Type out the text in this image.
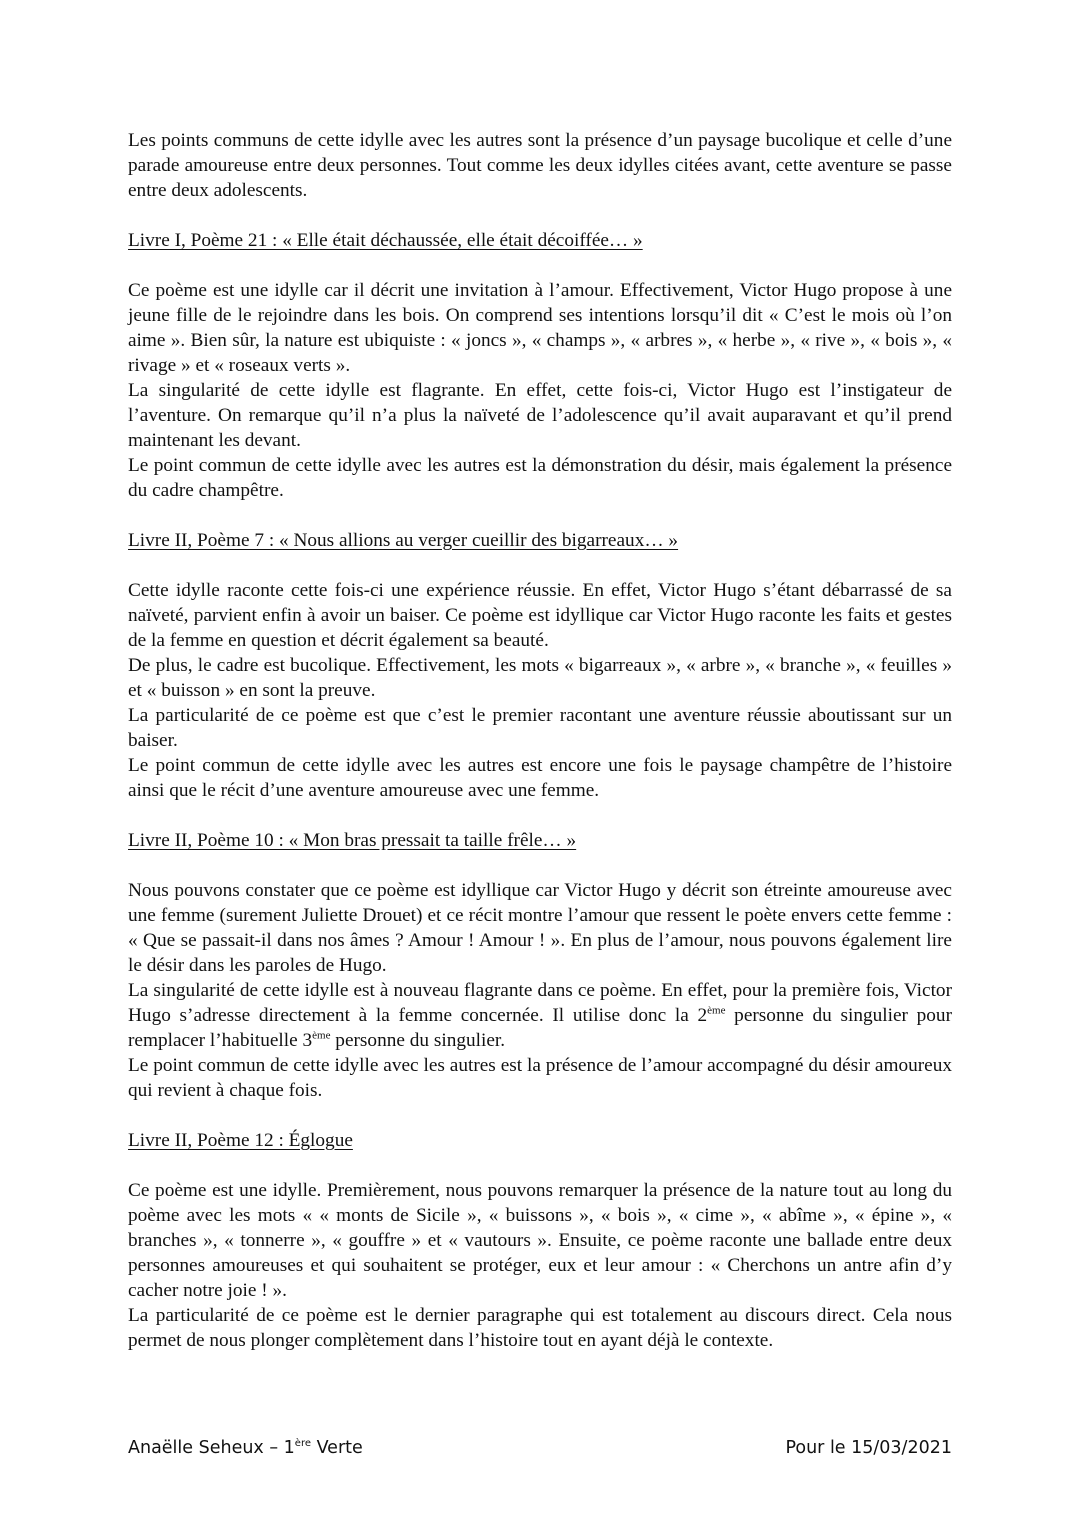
Les points communs de cette idylle avec les autres sont la présence d’un paysage bucolique et celle d’une parade amoureuse entre deux personnes. Tout comme les deux idylles citées avant, cette aventure se passe entre deux adolescents.

Livre I, Poème 21 : « Elle était déchaussée, elle était décoiffée… »

Ce poème est une idylle car il décrit une invitation à l’amour. Effectivement, Victor Hugo propose à une jeune fille de le rejoindre dans les bois. On comprend ses intentions lorsqu’il dit « C’est le mois où l’on aime ». Bien sûr, la nature est ubiquiste : « joncs », « champs », « arbres », « herbe », « rive », « bois », « rivage » et « roseaux verts ».

La singularité de cette idylle est flagrante. En effet, cette fois-ci, Victor Hugo est l’instigateur de l’aventure. On remarque qu’il n’a plus la naïveté de l’adolescence qu’il avait auparavant et qu’il prend maintenant les devant.

Le point commun de cette idylle avec les autres est la démonstration du désir, mais également la présence du cadre champêtre.

Livre II, Poème 7 : « Nous allions au verger cueillir des bigarreaux… »

Cette idylle raconte cette fois-ci une expérience réussie. En effet, Victor Hugo s’étant débarrassé de sa naïveté, parvient enfin à avoir un baiser. Ce poème est idyllique car Victor Hugo raconte les faits et gestes de la femme en question et décrit également sa beauté.

De plus, le cadre est bucolique. Effectivement, les mots « bigarreaux », « arbre », « branche », « feuilles » et « buisson » en sont la preuve.

La particularité de ce poème est que c’est le premier racontant une aventure réussie aboutissant sur un baiser.

Le point commun de cette idylle avec les autres est encore une fois le paysage champêtre de l’histoire ainsi que le récit d’une aventure amoureuse avec une femme.

Livre II, Poème 10 : « Mon bras pressait ta taille frêle… »

Nous pouvons constater que ce poème est idyllique car Victor Hugo y décrit son étreinte amoureuse avec une femme (surement Juliette Drouet) et ce récit montre l’amour que ressent le poète envers cette femme : « Que se passait-il dans nos âmes ? Amour ! Amour ! ». En plus de l’amour, nous pouvons également lire le désir dans les paroles de Hugo.

La singularité de cette idylle est à nouveau flagrante dans ce poème. En effet, pour la première fois, Victor Hugo s’adresse directement à la femme concernée. Il utilise donc la 2ème personne du singulier pour remplacer l’habituelle 3ème personne du singulier.

Le point commun de cette idylle avec les autres est la présence de l’amour accompagné du désir amoureux qui revient à chaque fois.

Livre II, Poème 12 : Églogue

Ce poème est une idylle. Premièrement, nous pouvons remarquer la présence de la nature tout au long du poème avec les mots « « monts de Sicile », « buissons », « bois », « cime », « abîme », « épine », « branches », « tonnerre », « gouffre » et « vautours ». Ensuite, ce poème raconte une ballade entre deux personnes amoureuses et qui souhaitent se protéger, eux et leur amour : « Cherchons un antre afin d’y cacher notre joie ! ».

La particularité de ce poème est le dernier paragraphe qui est totalement au discours direct. Cela nous permet de nous plonger complètement dans l’histoire tout en ayant déjà le contexte.

Anaëlle Seheux – 1ère Verte	Pour le 15/03/2021
